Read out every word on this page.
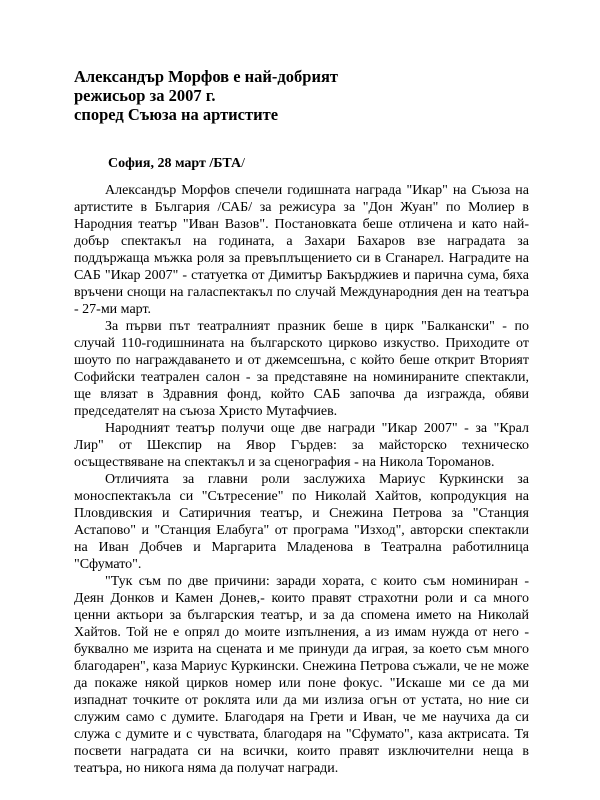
Александър Морфов е най-добрият
режисьор за 2007 г.
според Съюза на артистите
София, 28 март /БТА/

Александър Морфов спечели годишната награда "Икар" на Съюза на артистите в България /САБ/ за режисура за "Дон Жуан" по Молиер в Народния театър "Иван Вазов". Постановката беше отличена и като най-добър спектакъл на годината, а Захари Бахаров взе наградата за поддържаща мъжка роля за превъплъщението си в Сганарел. Наградите на САБ "Икар 2007" - статуетка от Димитър Бакърджиев и парична сума, бяха връчени снощи на галаспектакъл по случай Международния ден на театъра - 27-ми март.

За първи път театралният празник беше в цирк "Балкански" - по случай 110-годишнината на българското цирково изкуство. Приходите от шоуто по награждаването и от джемсешъна, с който беше открит Вторият Софийски театрален салон - за представяне на номинираните спектакли, ще влязат в Здравния фонд, който САБ започва да изгражда, обяви председателят на съюза Христо Мутафчиев.

Народният театър получи още две награди "Икар 2007" - за "Крал Лир" от Шекспир на Явор Гърдев: за майсторско техническо осъществяване на спектакъл и за сценография - на Никола Тороманов.

Отличията за главни роли заслужиха Мариус Куркински за моноспектакъла си "Сътресение" по Николай Хайтов, копродукция на Пловдивския и Сатиричния театър, и Снежина Петрова за "Станция Астапово" и "Станция Елабуга" от програма "Изход", авторски спектакли на Иван Добчев и Маргарита Младенова в Театрална работилница "Сфумато".

"Тук съм по две причини: заради хората, с които съм номиниран - Деян Донков и Камен Донев,- които правят страхотни роли и са много ценни актьори за българския театър, и за да спомена името на Николай Хайтов. Той не е опрял до моите изпълнения, а из имам нужда от него - буквално ме изрита на сцената и ме принуди да играя, за което съм много благодарен", каза Мариус Куркински. Снежина Петрова съжали, че не може да покаже някой цирков номер или поне фокус. "Искаше ми се да ми изпаднат точките от роклята или да ми излиза огън от устата, но ние си служим само с думите. Благодаря на Грети и Иван, че ме научиха да си служа с думите и с чувствата, благодаря на "Сфумато", каза актрисата. Тя посвети наградата си на всички, които правят изключителни неща в театъра, но никога няма да получат награди.
